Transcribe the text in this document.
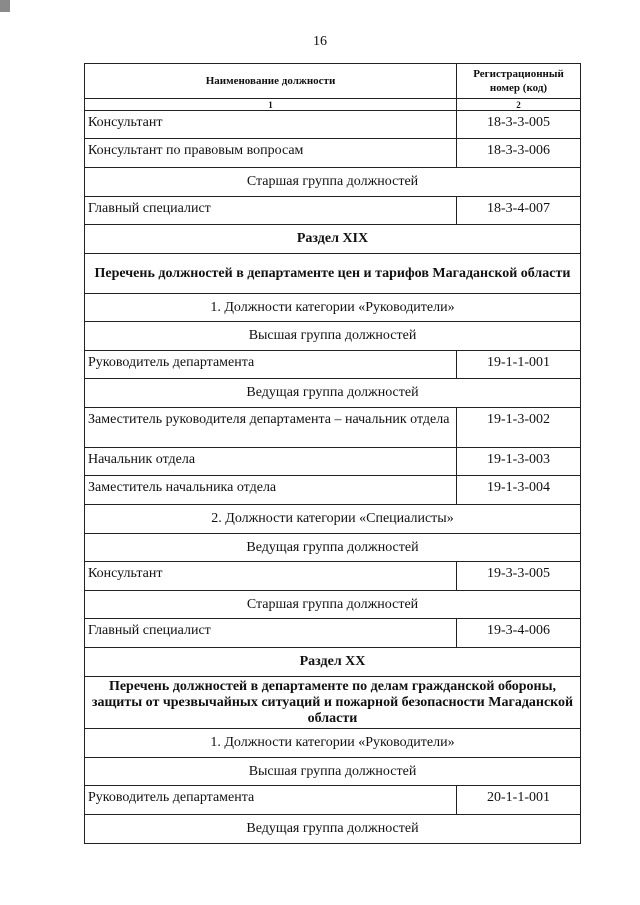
16
Наименование должности	Регистрационный номер (код)
1	2
Консультант	18-3-3-005
Консультант по правовым вопросам	18-3-3-006
Старшая группа должностей	
Главный специалист	18-3-4-007
Раздел XIX	
Перечень должностей в департаменте цен и тарифов Магаданской области	
1. Должности категории «Руководители»	
Высшая группа должностей	
Руководитель департамента	19-1-1-001
Ведущая группа должностей	
Заместитель руководителя департамента – начальник отдела	19-1-3-002
Начальник отдела	19-1-3-003
Заместитель начальника отдела	19-1-3-004
2. Должности категории «Специалисты»	
Ведущая группа должностей	
Консультант	19-3-3-005
Старшая группа должностей	
Главный специалист	19-3-4-006
Раздел XX	
Перечень должностей в департаменте по делам гражданской обороны, защиты от чрезвычайных ситуаций и пожарной безопасности Магаданской области	
1. Должности категории «Руководители»	
Высшая группа должностей	
Руководитель департамента	20-1-1-001
Ведущая группа должностей	
